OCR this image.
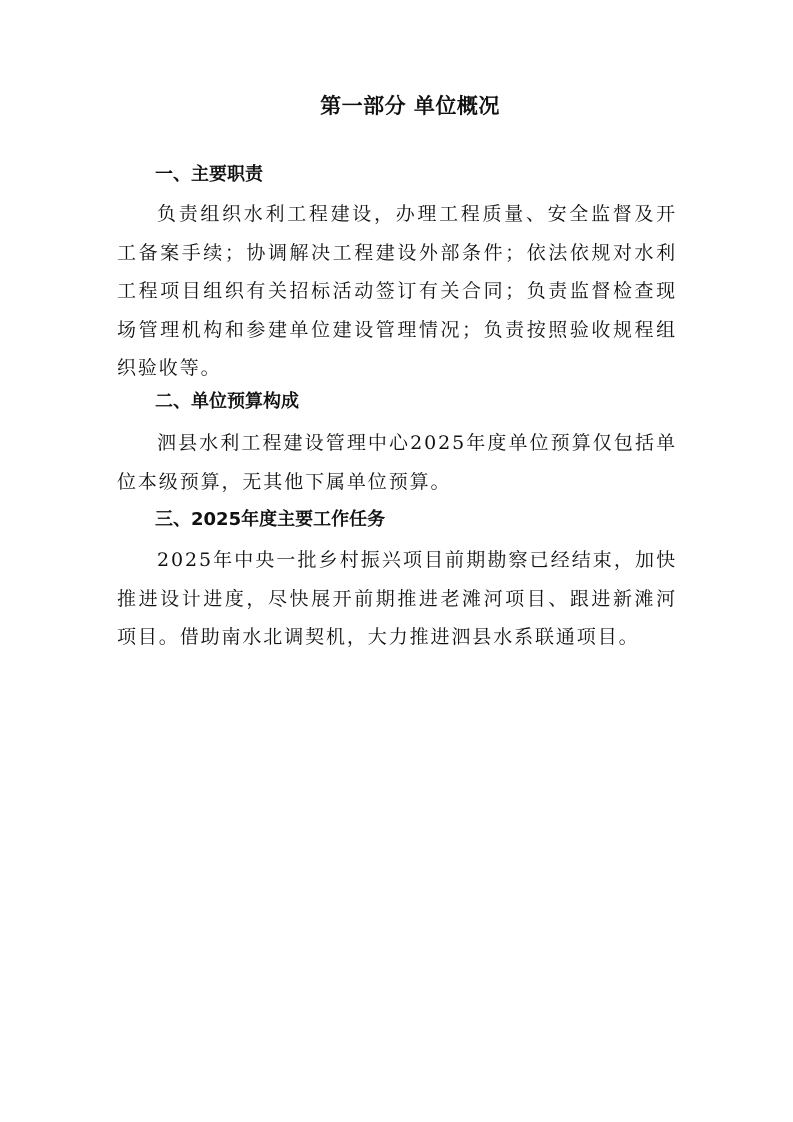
第一部分 单位概况
一、主要职责
负责组织水利工程建设，办理工程质量、安全监督及开工备案手续；协调解决工程建设外部条件；依法依规对水利工程项目组织有关招标活动签订有关合同；负责监督检查现场管理机构和参建单位建设管理情况；负责按照验收规程组织验收等。
二、单位预算构成
泗县水利工程建设管理中心2025年度单位预算仅包括单位本级预算，无其他下属单位预算。
三、2025年度主要工作任务
2025年中央一批乡村振兴项目前期勘察已经结束，加快推进设计进度，尽快展开前期推进老滩河项目、跟进新滩河项目。借助南水北调契机，大力推进泗县水系联通项目。
